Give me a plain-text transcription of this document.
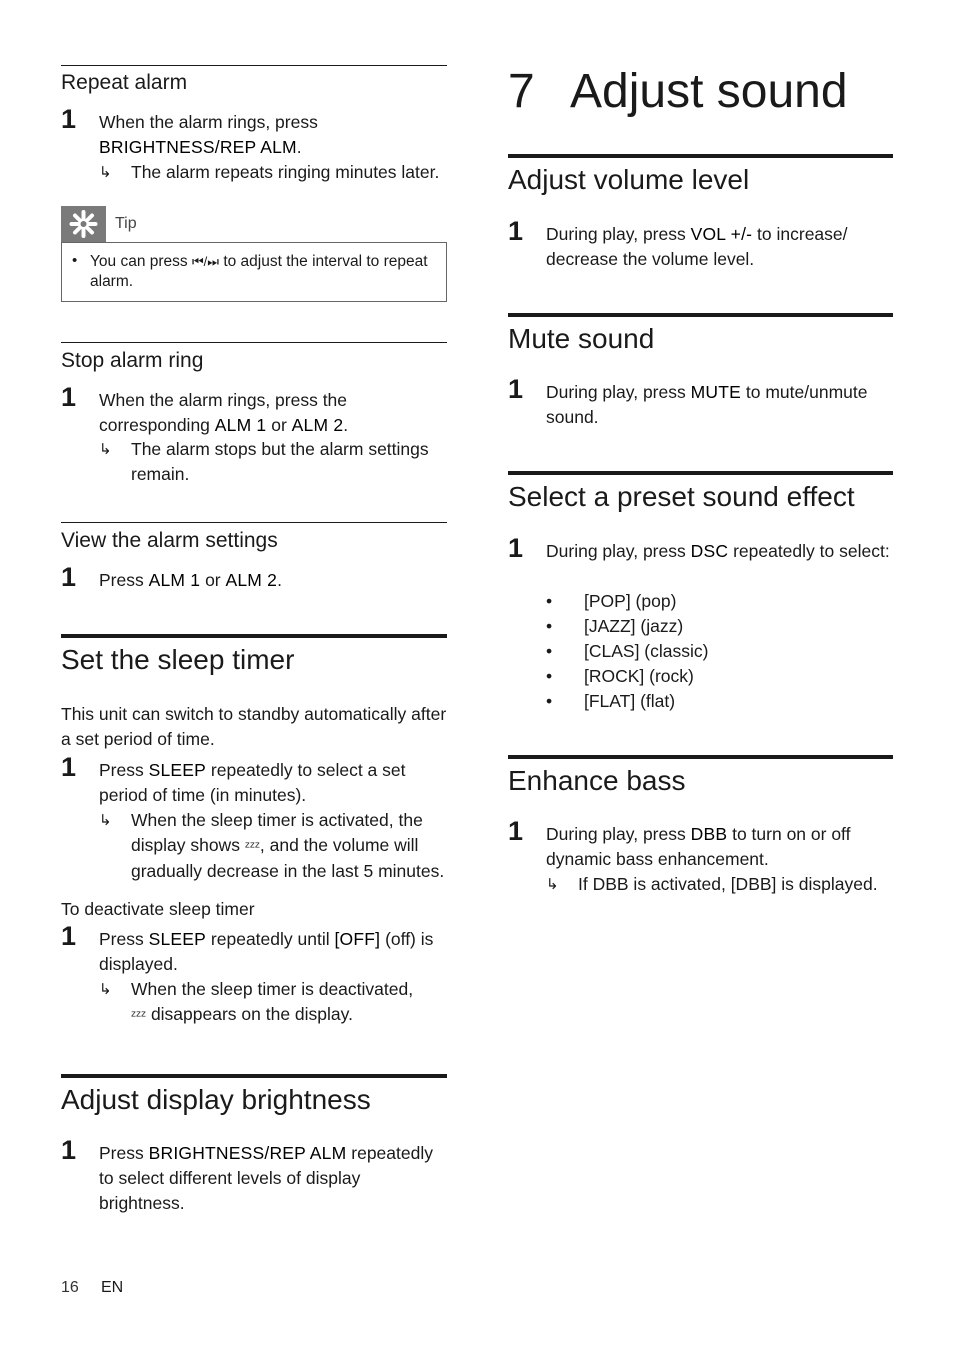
Repeat alarm
1 When the alarm rings, press
BRIGHTNESS/REP ALM.
↳ The alarm repeats ringing minutes later.
Tip
• You can press ⏮/⏭ to adjust the interval to repeat alarm.
Stop alarm ring
1 When the alarm rings, press the corresponding ALM 1 or ALM 2.
↳ The alarm stops but the alarm settings remain.
View the alarm settings
1 Press ALM 1 or ALM 2.
Set the sleep timer
This unit can switch to standby automatically after a set period of time.
1 Press SLEEP repeatedly to select a set period of time (in minutes).
↳ When the sleep timer is activated, the display shows ᶻᶻᶻ, and the volume will gradually decrease in the last 5 minutes.
To deactivate sleep timer
1 Press SLEEP repeatedly until [OFF] (off) is displayed.
↳ When the sleep timer is deactivated,
ᶻᶻᶻ disappears on the display.
Adjust display brightness
1 Press BRIGHTNESS/REP ALM repeatedly to select different levels of display brightness.
7 Adjust sound
Adjust volume level
1 During play, press VOL +/- to increase/ decrease the volume level.
Mute sound
1 During play, press MUTE to mute/unmute sound.
Select a preset sound effect
1 During play, press DSC repeatedly to select:
• [POP] (pop)
• [JAZZ] (jazz)
• [CLAS] (classic)
• [ROCK] (rock)
• [FLAT] (flat)
Enhance bass
1 During play, press DBB to turn on or off dynamic bass enhancement.
↳ If DBB is activated, [DBB] is displayed.
16 EN
